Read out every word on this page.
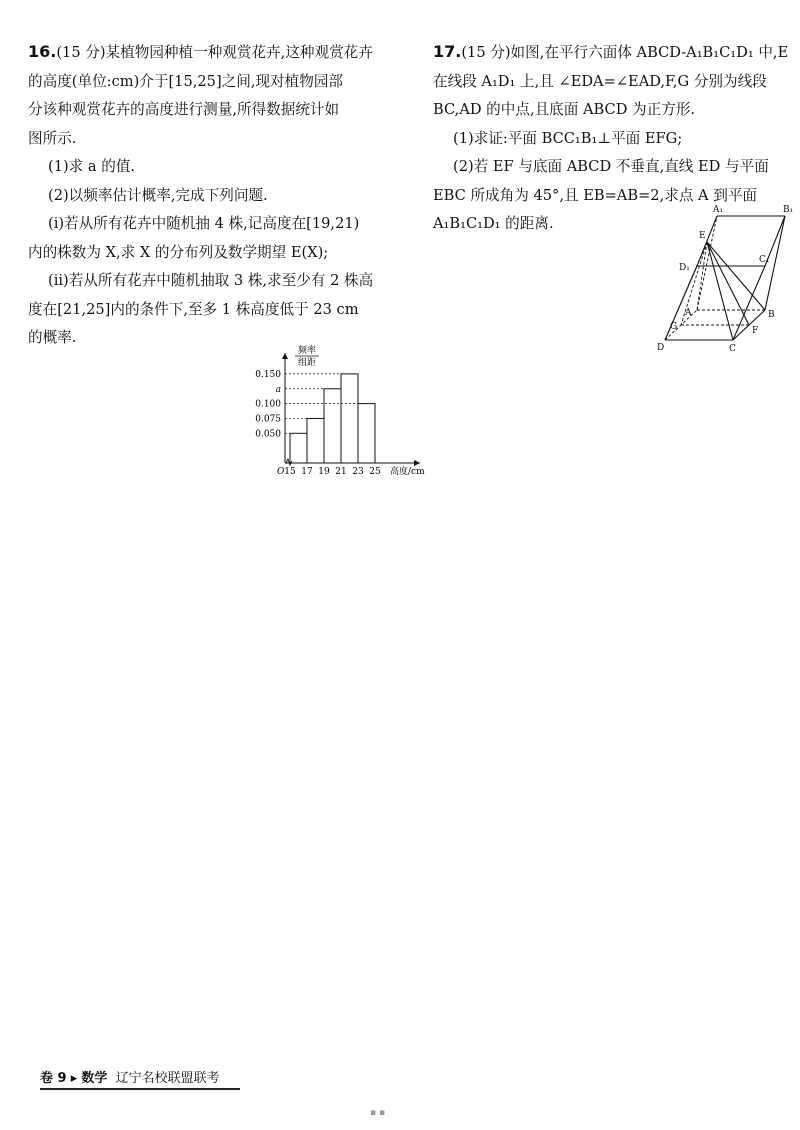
16.(15 分)某植物园种植一种观赏花卉,这种观赏花卉
的高度(单位:cm)介于[15,25]之间,现对植物园部
分该种观赏花卉的高度进行测量,所得数据统计如
图所示.
(1)求 a 的值.
(2)以频率估计概率,完成下列问题.
(i)若从所有花卉中随机抽 4 株,记高度在[19,21)
内的株数为 X,求 X 的分布列及数学期望 E(X);
(ii)若从所有花卉中随机抽取 3 株,求至少有 2 株高
度在[21,25]内的条件下,至多 1 株高度低于 23 cm
的概率.
17.(15 分)如图,在平行六面体 ABCD-A₁B₁C₁D₁ 中,E
在线段 A₁D₁ 上,且 ∠EDA=∠EAD,F,G 分别为线段
BC,AD 的中点,且底面 ABCD 为正方形.
(1)求证:平面 BCC₁B₁⊥平面 EFG;
(2)若 EF 与底面 ABCD 不垂直,直线 ED 与平面
EBC 所成角为 45°,且 EB=AB=2,求点 A 到平面
A₁B₁C₁D₁ 的距离.
0.150
a
0.100
0.075
0.050
15 17 19 21 23 25
O	高度/cm
频率
组距
A₁	B₁
C₁
D₁
E
A	B
C
D
F
G
卷 9 ▸ 数学 辽宁名校联盟联考
▪ ▪
